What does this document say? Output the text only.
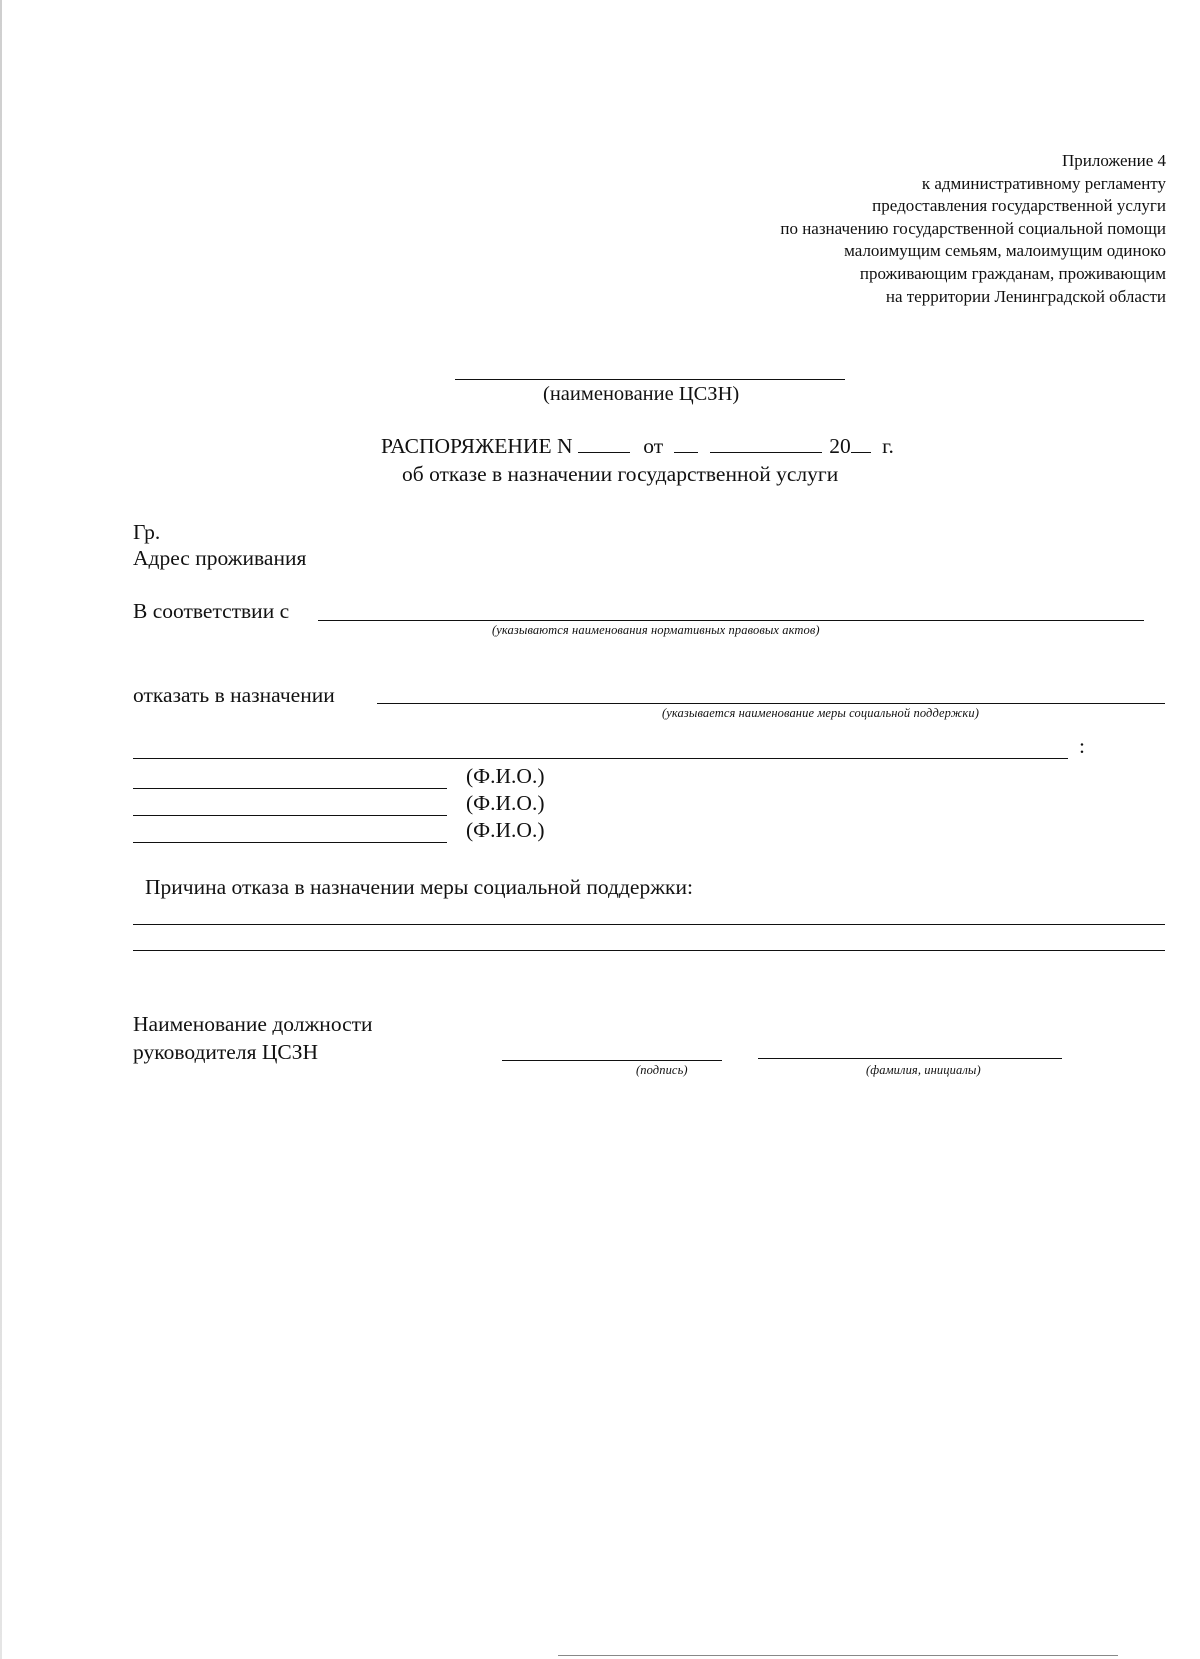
Приложение 4
к административному регламенту
предоставления государственной услуги
по назначению государственной социальной помощи
малоимущим семьям, малоимущим одиноко
проживающим гражданам, проживающим
на территории Ленинградской области
(наименование ЦСЗН)
РАСПОРЯЖЕНИЕ N	от	20 г.
об отказе в назначении государственной услуги
Гр.
Адрес проживания
В соответствии с
(указываются наименования нормативных правовых актов)
отказать в назначении
(указывается наименование меры социальной поддержки)
:
(Ф.И.О.)
(Ф.И.О.)
(Ф.И.О.)
Причина отказа в назначении меры социальной поддержки:
Наименование должности
руководителя ЦСЗН
(подпись)	(фамилия, инициалы)
